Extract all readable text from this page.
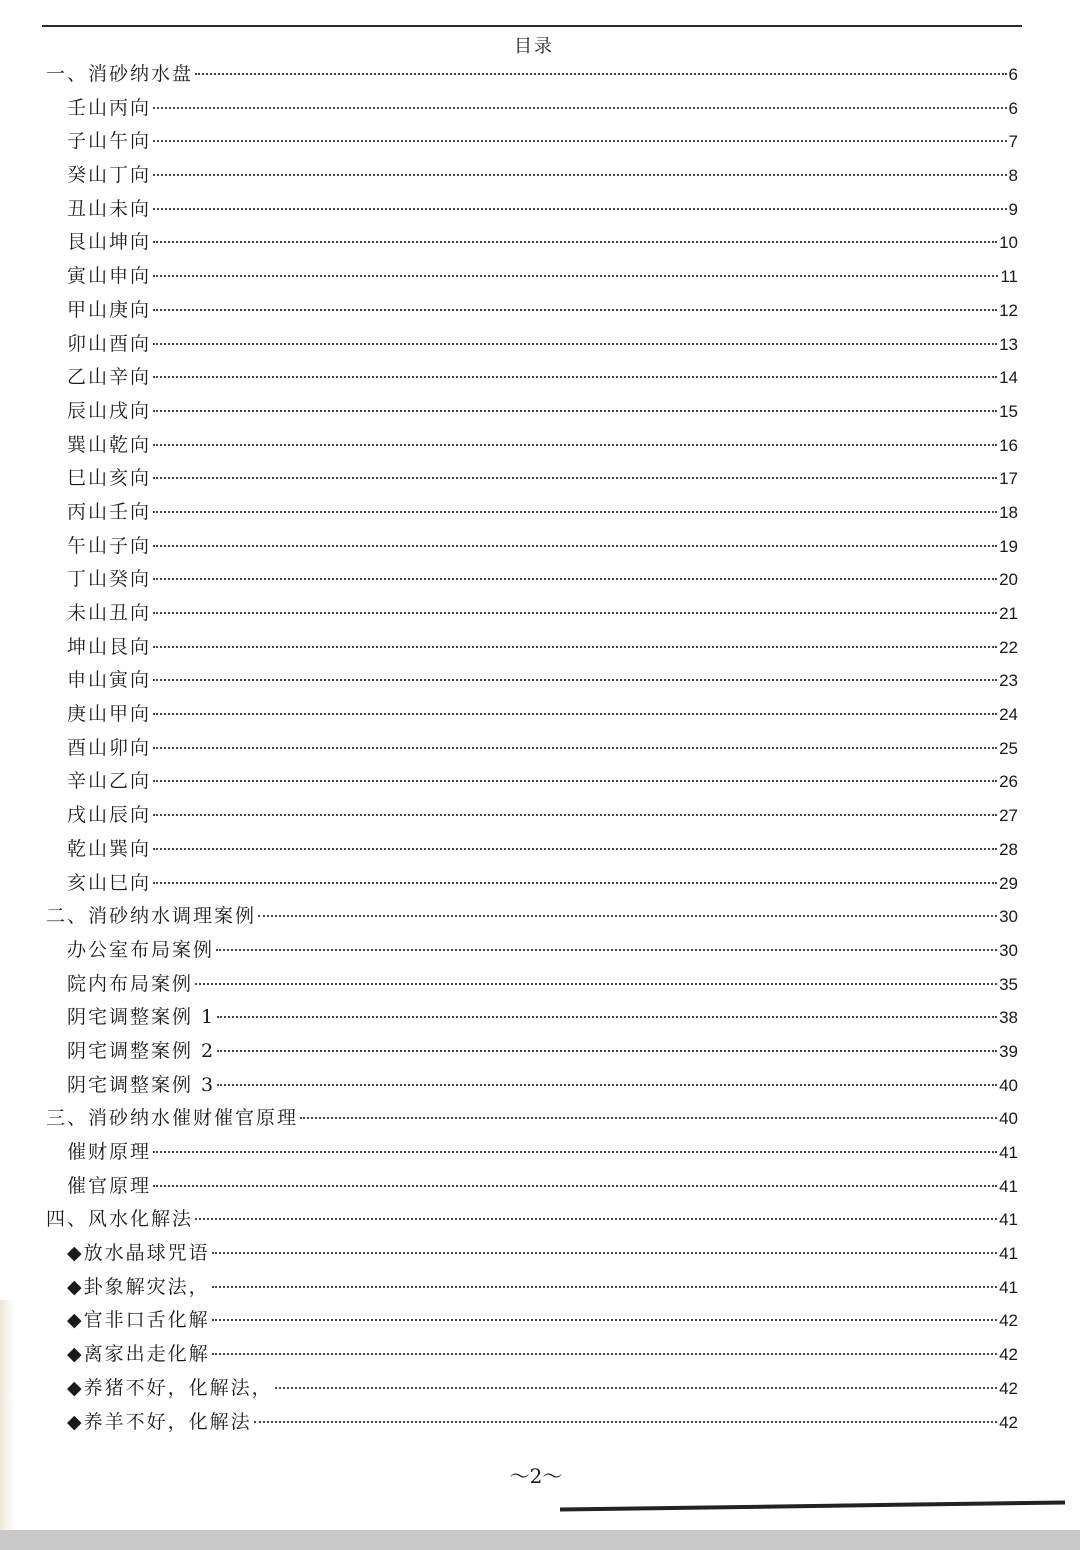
目录
一、消砂纳水盘	6
壬山丙向	6
子山午向	7
癸山丁向	8
丑山未向	9
艮山坤向	10
寅山申向	11
甲山庚向	12
卯山酉向	13
乙山辛向	14
辰山戌向	15
巽山乾向	16
巳山亥向	17
丙山壬向	18
午山子向	19
丁山癸向	20
未山丑向	21
坤山艮向	22
申山寅向	23
庚山甲向	24
酉山卯向	25
辛山乙向	26
戌山辰向	27
乾山巽向	28
亥山巳向	29
二、消砂纳水调理案例	30
办公室布局案例	30
院内布局案例	35
阴宅调整案例 1	38
阴宅调整案例 2	39
阴宅调整案例 3	40
三、消砂纳水催财催官原理	40
催财原理	41
催官原理	41
四、风水化解法	41
◆放水晶球咒语	41
◆卦象解灾法，	41
◆官非口舌化解	42
◆离家出走化解	42
◆养猪不好，化解法，	42
◆养羊不好，化解法	42
～2～
